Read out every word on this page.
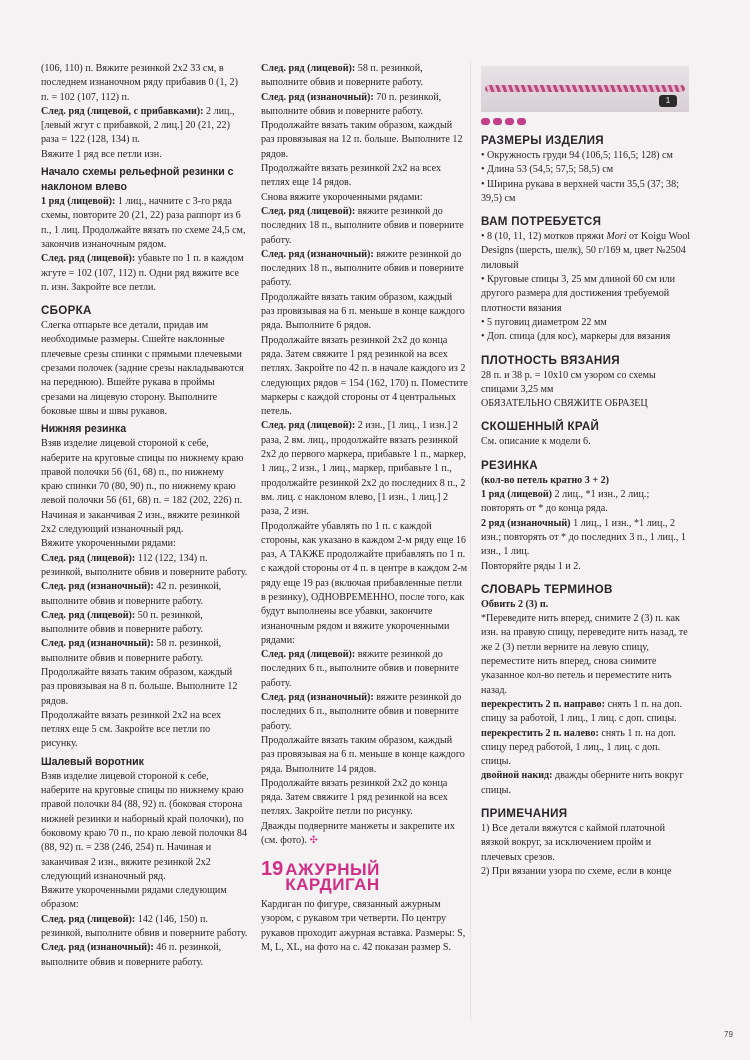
(106, 110) п. Вяжите резинкой 2x2 33 см, в последнем изнаночном ряду прибавив 0 (1, 2) п. = 102 (107, 112) п.

След. ряд (лицевой, с прибавками): 2 лиц., [левый жгут с прибавкой, 2 лиц.] 20 (21, 22) раза = 122 (128, 134) п.

Вяжите 1 ряд все петли изн.

Начало схемы рельефной резинки с наклоном влево

1 ряд (лицевой): 1 лиц., начните с 3-го ряда схемы, повторите 20 (21, 22) раза раппорт из 6 п., 1 лиц. Продолжайте вязать по схеме 24,5 см, закончив изнаночным рядом.

След. ряд (лицевой): убавьте по 1 п. в каждом жгуте = 102 (107, 112) п. Одни ряд вяжите все п. изн. Закройте все петли.

СБОРКА

Слегка отпарьте все детали, придав им необходимые размеры. Сшейте наклонные плечевые срезы спинки с прямыми плечевыми срезами полочек (задние срезы накладываются на переднюю). Вшейте рукава в проймы срезами на лицевую сторону. Выполните боковые швы и швы рукавов.

Нижняя резинка

Взяв изделие лицевой стороной к себе, наберите на круговые спицы по нижнему краю правой полочки 56 (61, 68) п., по нижнему краю спинки 70 (80, 90) п., по нижнему краю левой полочки 56 (61, 68) п. = 182 (202, 226) п. Начиная и заканчивая 2 изн., вяжите резинкой 2x2 следующий изнаночный ряд.

Вяжите укороченными рядами:

След. ряд (лицевой): 112 (122, 134) п. резинкой, выполните обвив и поверните работу.

След. ряд (изнаночный): 42 п. резинкой, выполните обвив и поверните работу.

След. ряд (лицевой): 50 п. резинкой, выполните обвив и поверните работу.

След. ряд (изнаночный): 58 п. резинкой, выполните обвив и поверните работу.

Продолжайте вязать таким образом, каждый раз провязывая на 8 п. больше. Выполните 12 рядов.

Продолжайте вязать резинкой 2x2 на всех петлях еще 5 см. Закройте все петли по рисунку.

Шалевый воротник

Взяв изделие лицевой стороной к себе, наберите на круговые спицы по нижнему краю правой полочки 84 (88, 92) п. (боковая сторона нижней резинки и наборный край полочки), по боковому краю 70 п., по краю левой полочки 84 (88, 92) п. = 238 (246, 254) п. Начиная и заканчивая 2 изн., вяжите резинкой 2x2 следующий изнаночный ряд.

Вяжите укороченными рядами следующим образом:

След. ряд (лицевой): 142 (146, 150) п. резинкой, выполните обвив и поверните работу.

След. ряд (изнаночный): 46 п. резинкой, выполните обвив и поверните работу.

След. ряд (лицевой): 58 п. резинкой, выполните обвив и поверните работу.

След. ряд (изнаночный): 70 п. резинкой, выполните обвив и поверните работу.

Продолжайте вязать таким образом, каждый раз провязывая на 12 п. больше. Выполните 12 рядов.

Продолжайте вязать резинкой 2x2 на всех петлях еще 14 рядов.

Снова вяжите укороченными рядами:

След. ряд (лицевой): вяжите резинкой до последних 18 п., выполните обвив и поверните работу.

След. ряд (изнаночный): вяжите резинкой до последних 18 п., выполните обвив и поверните работу.

Продолжайте вязать таким образом, каждый раз провязывая на 6 п. меньше в конце каждого ряда. Выполните 6 рядов.

Продолжайте вязать резинкой 2x2 до конца ряда. Затем свяжите 1 ряд резинкой на всех петлях. Закройте по 42 п. в начале каждого из 2 следующих рядов = 154 (162, 170) п. Поместите маркеры с каждой стороны от 4 центральных петель.

След. ряд (лицевой): 2 изн., [1 лиц., 1 изн.] 2 раза, 2 вм. лиц., продолжайте вязать резинкой 2x2 до первого маркера, прибавьте 1 п., маркер, 1 лиц., 2 изн., 1 лиц., маркер, прибавьте 1 п., продолжайте резинкой 2x2 до последних 8 п., 2 вм. лиц. с наклоном влево, [1 изн., 1 лиц.] 2 раза, 2 изн.

Продолжайте убавлять по 1 п. с каждой стороны, как указано в каждом 2-м ряду еще 16 раз, А ТАКЖЕ продолжайте прибавлять по 1 п. с каждой стороны от 4 п. в центре в каждом 2-м ряду еще 19 раз (включая прибавленные петли в резинку), ОДНОВРЕМЕННО, после того, как будут выполнены все убавки, закончите изнаночным рядом и вяжите укороченными рядами:

След. ряд (лицевой): вяжите резинкой до последних 6 п., выполните обвив и поверните работу.

След. ряд (изнаночный): вяжите резинкой до последних 6 п., выполните обвив и поверните работу.

Продолжайте вязать таким образом, каждый раз провязывая на 6 п. меньше в конце каждого ряда. Выполните 14 рядов.

Продолжайте вязать резинкой 2x2 до конца ряда. Затем свяжите 1 ряд резинкой на всех петлях. Закройте петли по рисунку.

Дважды подверните манжеты и закрепите их (см. фото). ✣

19 АЖУРНЫЙ КАРДИГАН

Кардиган по фигуре, связанный ажурным узором, с рукавом три четверти. По центру рукавов проходит ажурная вставка. Размеры: S, M, L, XL, на фото на с. 42 показан размер S.

1

РАЗМЕРЫ ИЗДЕЛИЯ

• Окружность груди 94 (106,5; 116,5; 128) см

• Длина 53 (54,5; 57,5; 58,5) см

• Ширина рукава в верхней части 35,5 (37; 38; 39,5) см

ВАМ ПОТРЕБУЕТСЯ

• 8 (10, 11, 12) мотков пряжи Mori от Koigu Wool Designs (шерсть, шелк), 50 г/169 м, цвет №2504 лиловый

• Круговые спицы 3, 25 мм длиной 60 см или другого размера для достижения требуемой плотности вязания

• 5 пуговиц диаметром 22 мм

• Доп. спица (для кос), маркеры для вязания

ПЛОТНОСТЬ ВЯЗАНИЯ

28 п. и 38 р. = 10x10 см узором со схемы спицами 3,25 мм

ОБЯЗАТЕЛЬНО СВЯЖИТЕ ОБРАЗЕЦ

СКОШЕННЫЙ КРАЙ

См. описание к модели 6.

РЕЗИНКА

(кол-во петель кратно 3 + 2)

1 ряд (лицевой) 2 лиц., *1 изн., 2 лиц.; повторять от * до конца ряда.

2 ряд (изнаночный) 1 лиц., 1 изн., *1 лиц., 2 изн.; повторять от * до последних 3 п., 1 лиц., 1 изн., 1 лиц.

Повторяйте ряды 1 и 2.

СЛОВАРЬ ТЕРМИНОВ

Обвить 2 (3) п.

*Переведите нить вперед, снимите 2 (3) п. как изн. на правую спицу, переведите нить назад, те же 2 (3) петли верните на левую спицу, переместите нить вперед, снова снимите указанное кол-во петель и переместите нить назад.

перекрестить 2 п. направо: снять 1 п. на доп. спицу за работой, 1 лиц., 1 лиц. с доп. спицы.

перекрестить 2 п. налево: снять 1 п. на доп. спицу перед работой, 1 лиц., 1 лиц. с доп. спицы.

двойной накид: дважды оберните нить вокруг спицы.

ПРИМЕЧАНИЯ

1) Все детали вяжутся с каймой платочной вязкой вокруг, за исключением пройм и плечевых срезов.

2) При вязании узора по схеме, если в конце

79
